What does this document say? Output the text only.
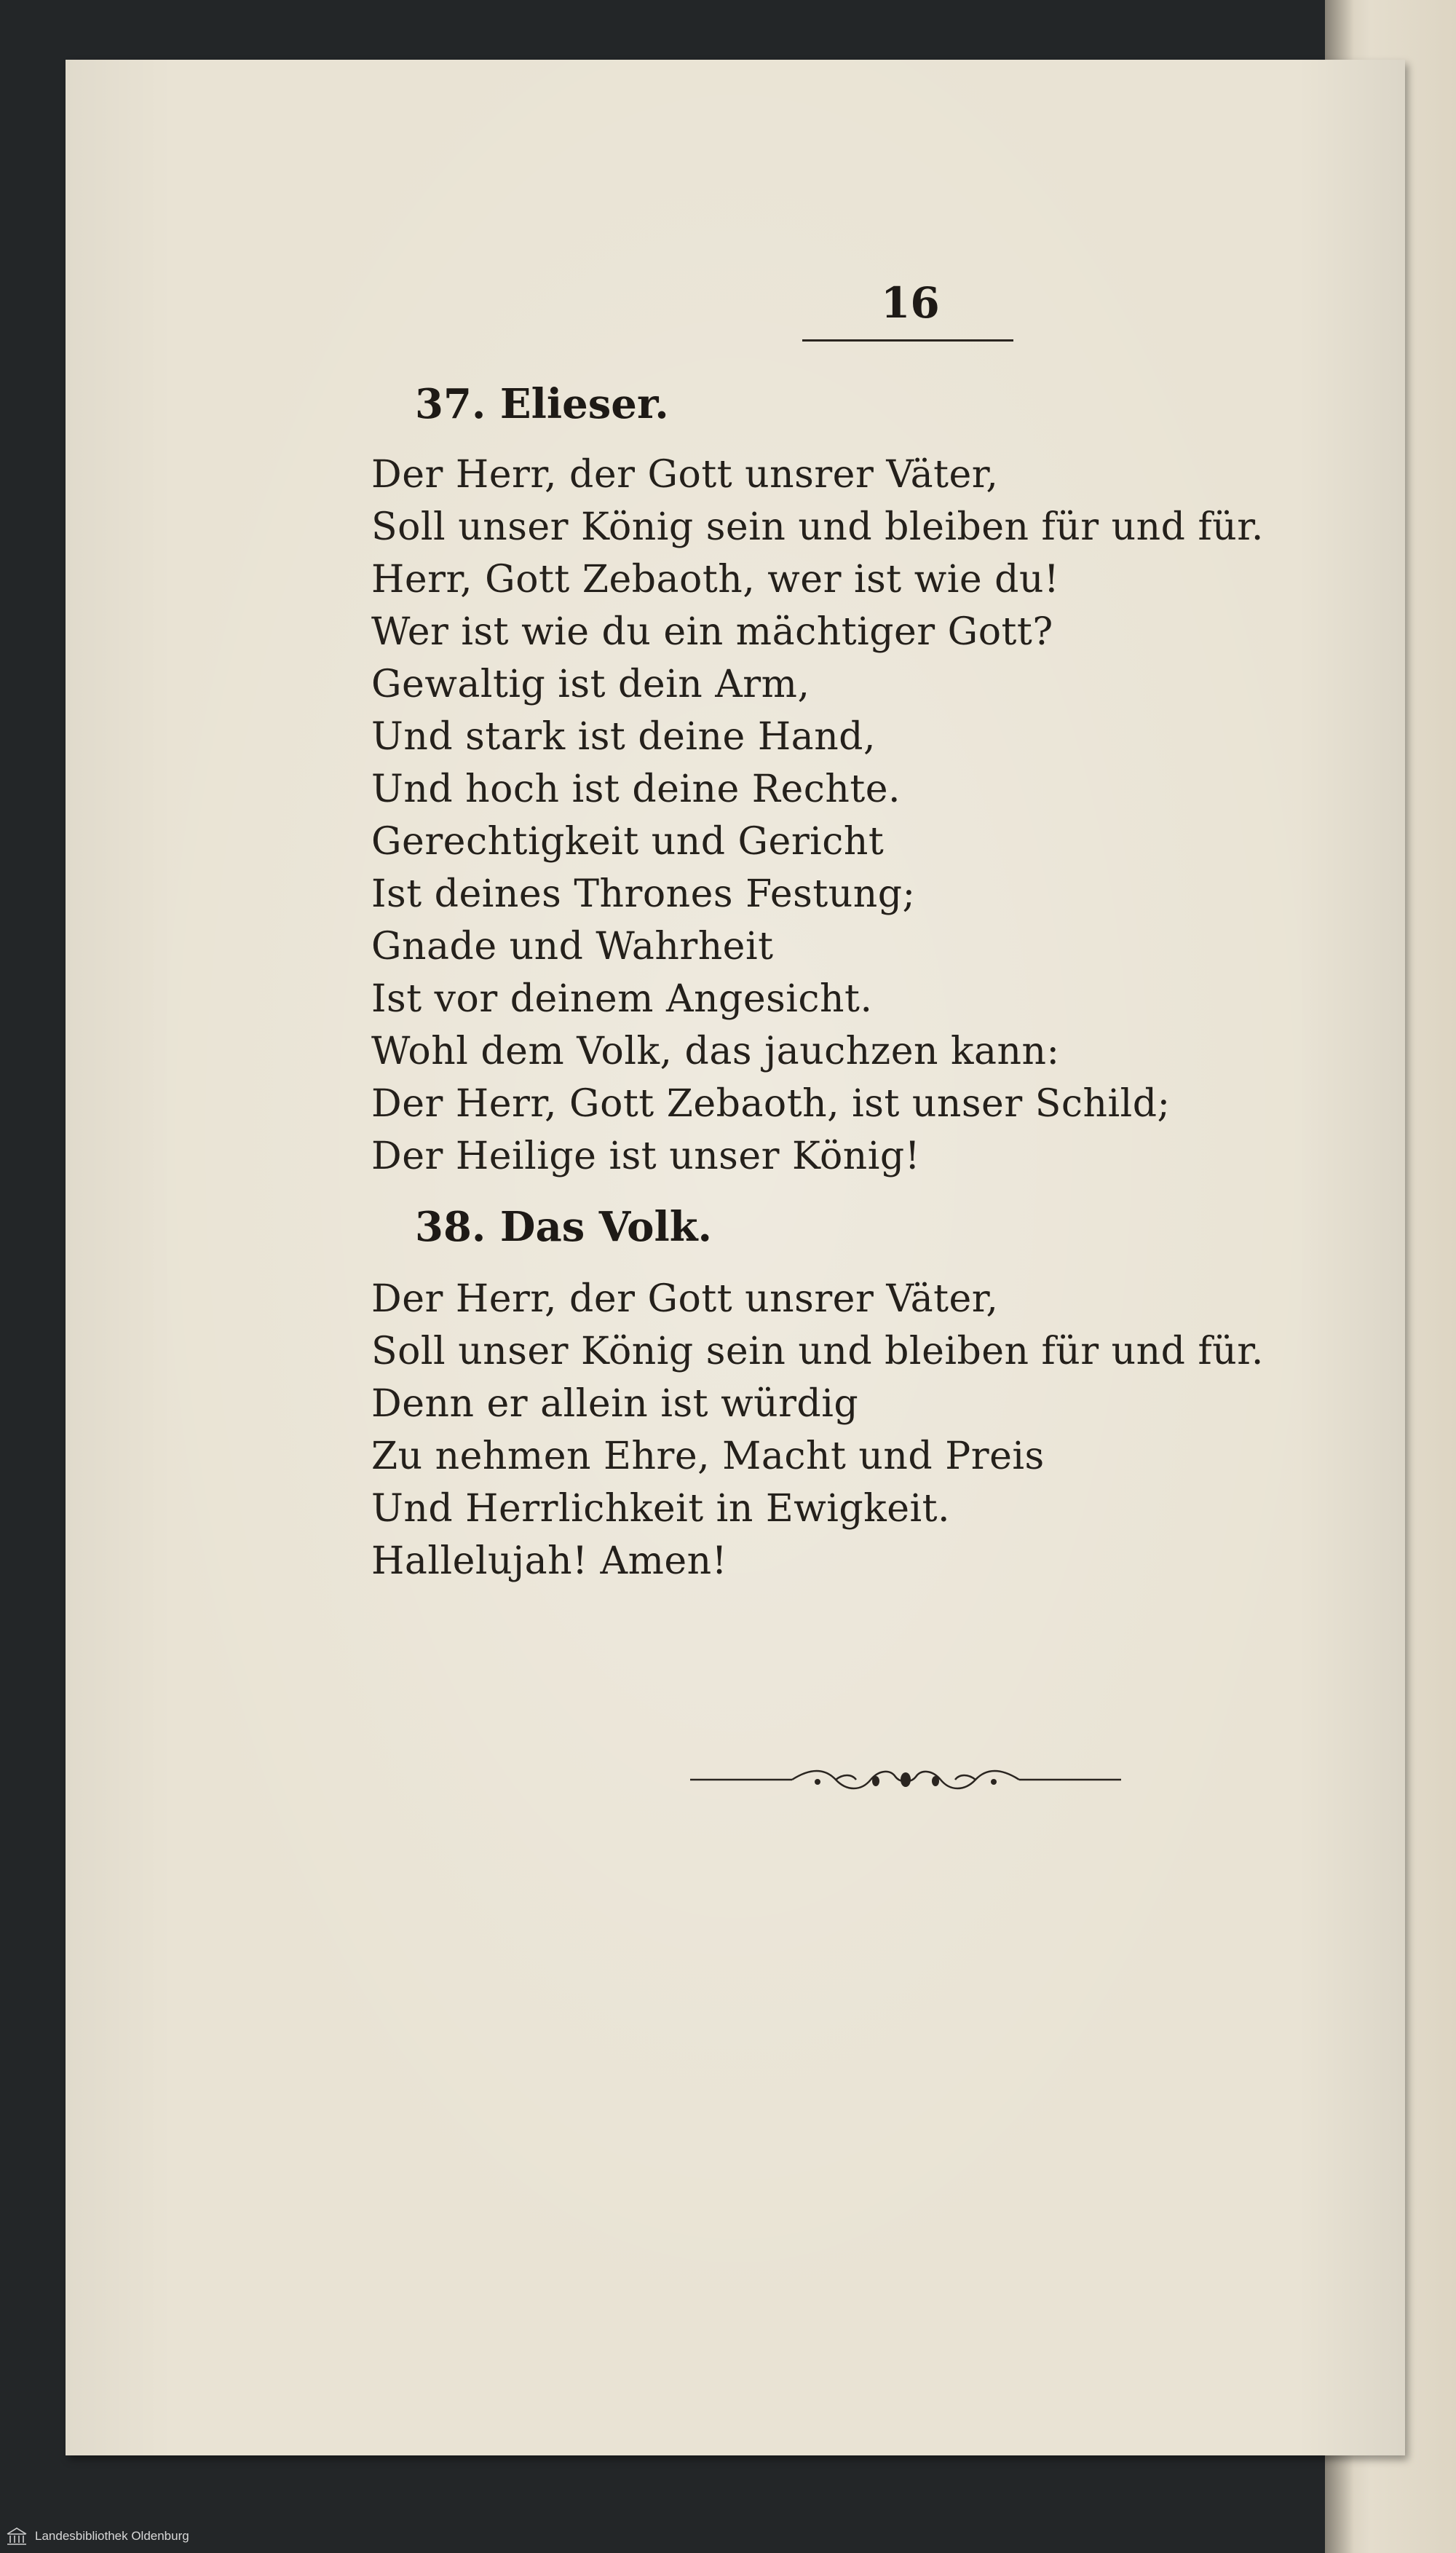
16
37. Elieser.
Der Herr, der Gott unsrer Väter,
Soll unser König sein und bleiben für und für.
Herr, Gott Zebaoth, wer ist wie du!
Wer ist wie du ein mächtiger Gott?
Gewaltig ist dein Arm,
Und stark ist deine Hand,
Und hoch ist deine Rechte.
Gerechtigkeit und Gericht
Ist deines Thrones Festung;
Gnade und Wahrheit
Ist vor deinem Angesicht.
Wohl dem Volk, das jauchzen kann:
Der Herr, Gott Zebaoth, ist unser Schild;
Der Heilige ist unser König!
38. Das Volk.
Der Herr, der Gott unsrer Väter,
Soll unser König sein und bleiben für und für.
Denn er allein ist würdig
Zu nehmen Ehre, Macht und Preis
Und Herrlichkeit in Ewigkeit.
Hallelujah! Amen!
Landesbibliothek Oldenburg
